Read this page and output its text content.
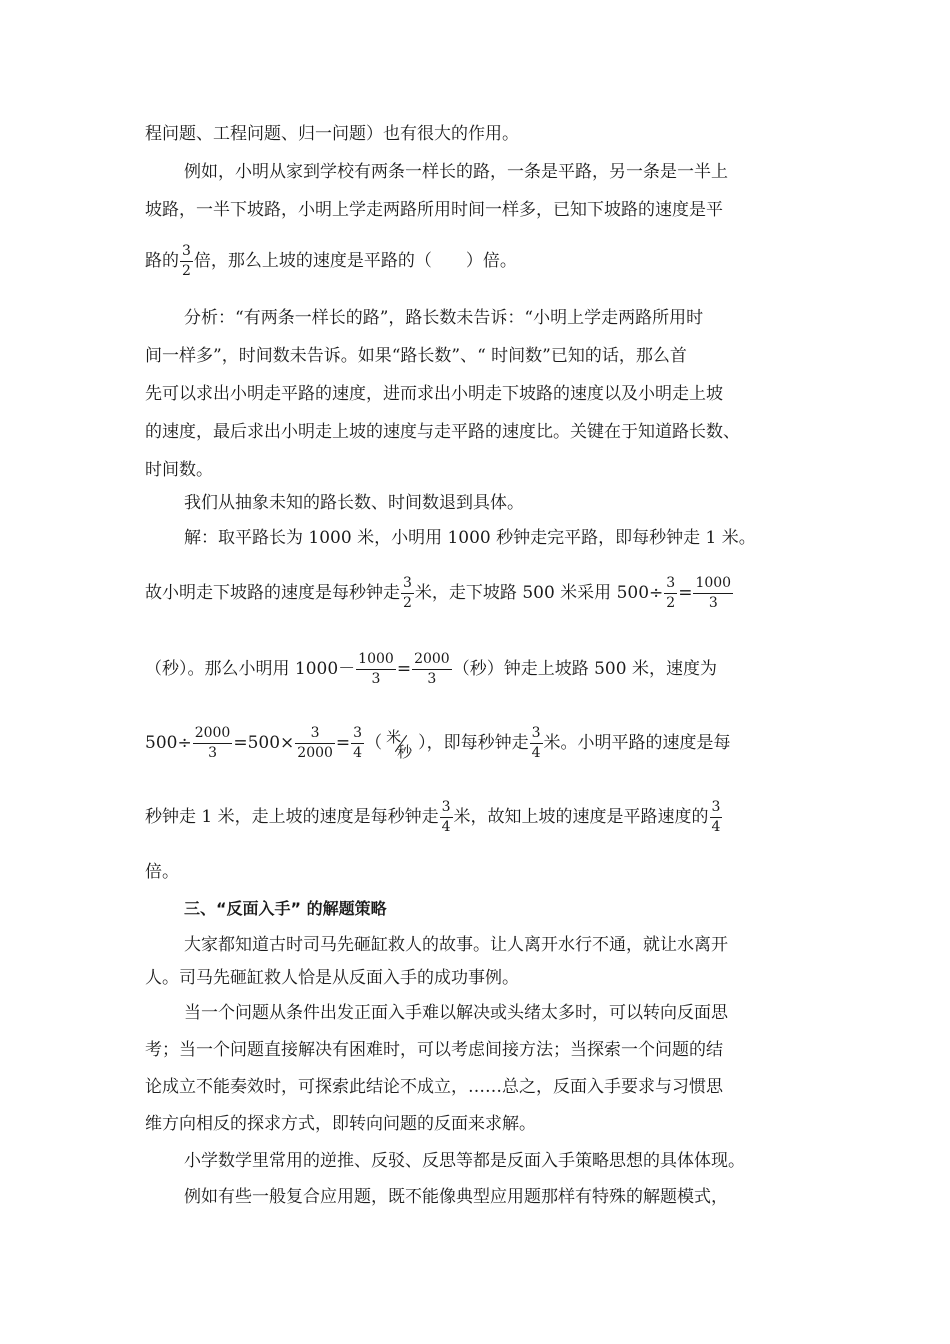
程问题、工程问题、归一问题）也有很大的作用。
例如，小明从家到学校有两条一样长的路，一条是平路，另一条是一半上
坡路，一半下坡路，小明上学走两路所用时间一样多，已知下坡路的速度是平
路的 $\frac{3}{2}$ 倍，那么上坡的速度是平路的（　　）倍。
分析：“有两条一样长的路”，路长数未告诉：“小明上学走两路所用时
间一样多”，时间数未告诉。如果“路长数”、“ 时间数”已知的话，那么首
先可以求出小明走平路的速度，进而求出小明走下坡路的速度以及小明走上坡
的速度，最后求出小明走上坡的速度与走平路的速度比。关键在于知道路长数、
时间数。
我们从抽象未知的路长数、时间数退到具体。
解：取平路长为 1000 米，小明用 1000 秒钟走完平路，即每秒钟走 1 米。
故小明走下坡路的速度是每秒钟走 $\frac{3}{2}$ 米，走下坡路 500 米采用 $500\div \frac{3}{2} = \frac{1000}{3}$
（秒）。那么小明用 $1000- \frac{1000}{3} = \frac{2000}{3}$ （秒）钟走上坡路 500 米，速度为
$500\div \frac{2000}{3} =500\times \frac{3}{2000} = \frac{3}{4}$ （ 米
秒 ），即每秒钟走 $\frac{3}{4}$ 米。小明平路的速度是每
秒钟走 1 米，走上坡的速度是每秒钟走 $\frac{3}{4}$ 米，故知上坡的速度是平路速度的 $\frac{3}{4}$
倍。
三、“反面入手” 的解题策略
大家都知道古时司马先砸缸救人的故事。让人离开水行不通，就让水离开
人。司马先砸缸救人恰是从反面入手的成功事例。
当一个问题从条件出发正面入手难以解决或头绪太多时，可以转向反面思
考；当一个问题直接解决有困难时，可以考虑间接方法；当探索一个问题的结
论成立不能奏效时，可探索此结论不成立，……总之，反面入手要求与习惯思
维方向相反的探求方式，即转向问题的反面来求解。
小学数学里常用的逆推、反驳、反思等都是反面入手策略思想的具体体现。
例如有些一般复合应用题，既不能像典型应用题那样有特殊的解题模式，
